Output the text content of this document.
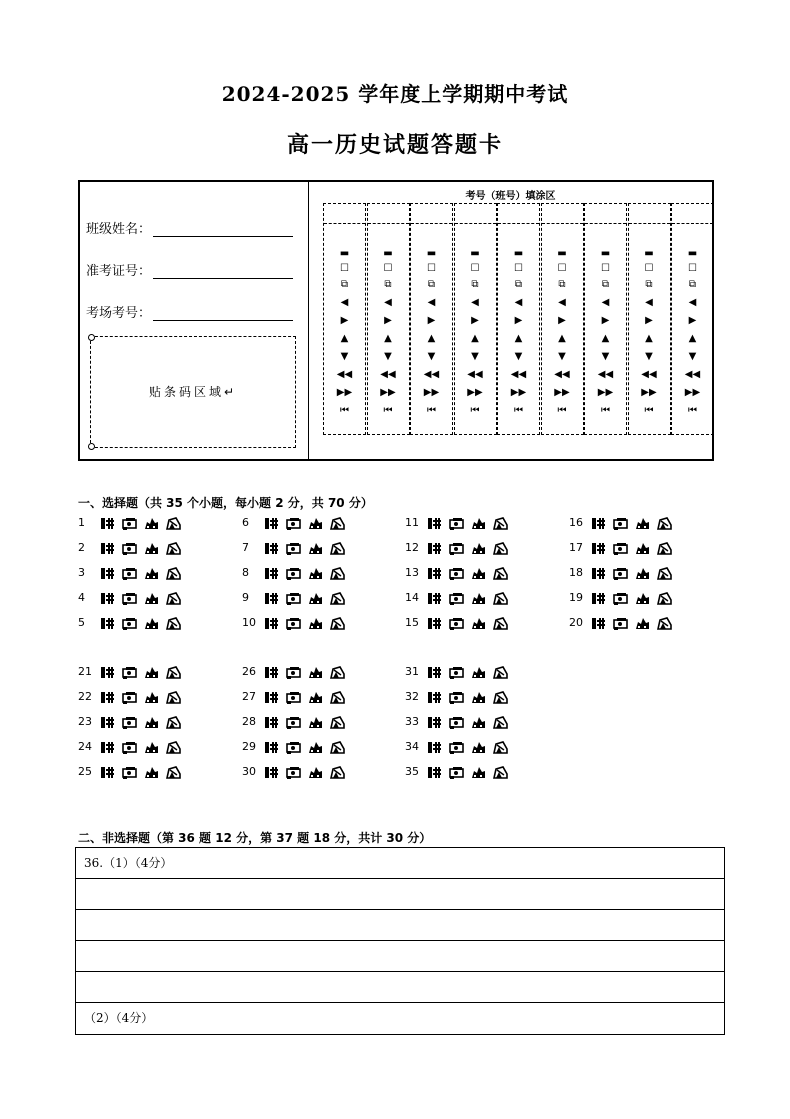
2024-2025 学年度上学期期中考试
高一历史试题答题卡
班级姓名：
准考证号：
考场考号：
贴条码区域↵
考号（班号）填涂区
▬
☐
⧉
◀
▶
▲
▼
◀◀
▶▶
⏮
▬
☐
⧉
◀
▶
▲
▼
◀◀
▶▶
⏮
▬
☐
⧉
◀
▶
▲
▼
◀◀
▶▶
⏮
▬
☐
⧉
◀
▶
▲
▼
◀◀
▶▶
⏮
▬
☐
⧉
◀
▶
▲
▼
◀◀
▶▶
⏮
▬
☐
⧉
◀
▶
▲
▼
◀◀
▶▶
⏮
▬
☐
⧉
◀
▶
▲
▼
◀◀
▶▶
⏮
▬
☐
⧉
◀
▶
▲
▼
◀◀
▶▶
⏮
▬
☐
⧉
◀
▶
▲
▼
◀◀
▶▶
⏮
一、选择题（共 35 个小题，每小题 2 分，共 70 分）
1
2
3
4
5
6
7
8
9
10
11
12
13
14
15
16
17
18
19
20
21
22
23
24
25
26
27
28
29
30
31
32
33
34
35
二、非选择题（第 36 题 12 分，第 37 题 18 分，共计 30 分）
36.（1）（4分）
（2）（4分）
